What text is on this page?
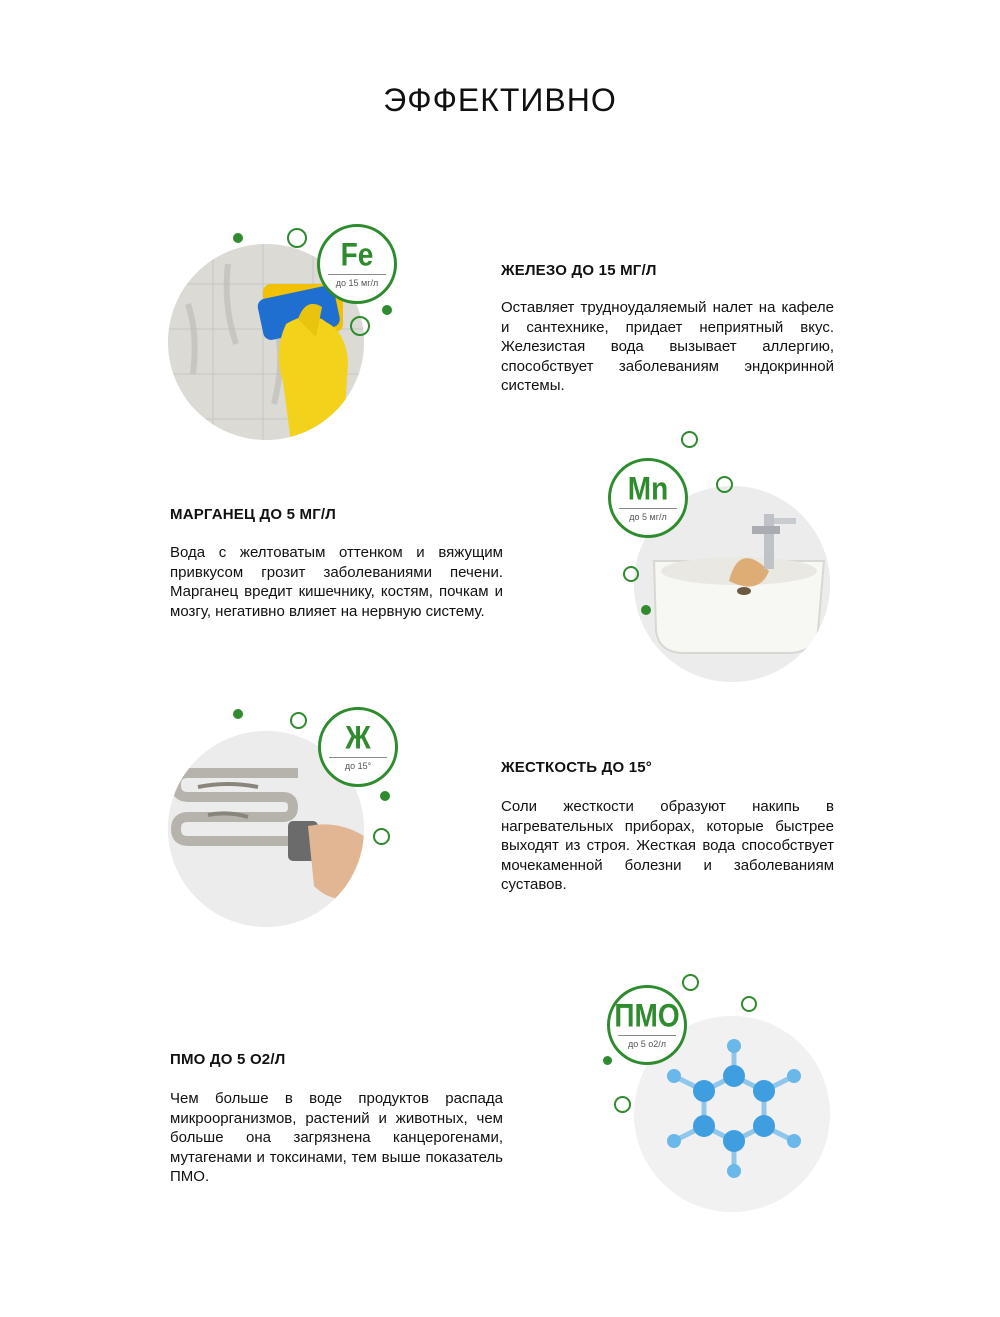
ЭФФЕКТИВНО
Fe
до 15 мг/л
ЖЕЛЕЗО ДО 15 МГ/Л

Оставляет трудноудаляемый налет на кафеле и сантехнике, придает неприятный вкус. Железистая вода вызывает аллергию, способствует заболеваниям эндокринной системы.

Mn
до 5 мг/л
МАРГАНЕЦ ДО 5 МГ/Л

Вода с желтоватым оттенком и вяжущим привкусом грозит заболеваниями печени. Марганец вредит кишечнику, костям, почкам и мозгу, негативно влияет на нервную систему.

Ж
до 15°	ЖЕСТКОСТЬ ДО 15°

Соли жесткости образуют накипь в нагревательных приборах, которые быстрее выходят из строя. Жесткая вода способствует мочекаменной болезни и заболеваниям суставов.

ПМО
до 5 о2/л
ПМО ДО 5 О2/Л

Чем больше в воде продуктов распада микроорганизмов, растений и животных, чем больше она загрязнена канцерогенами, мутагенами и токсинами, тем выше показатель ПМО.
